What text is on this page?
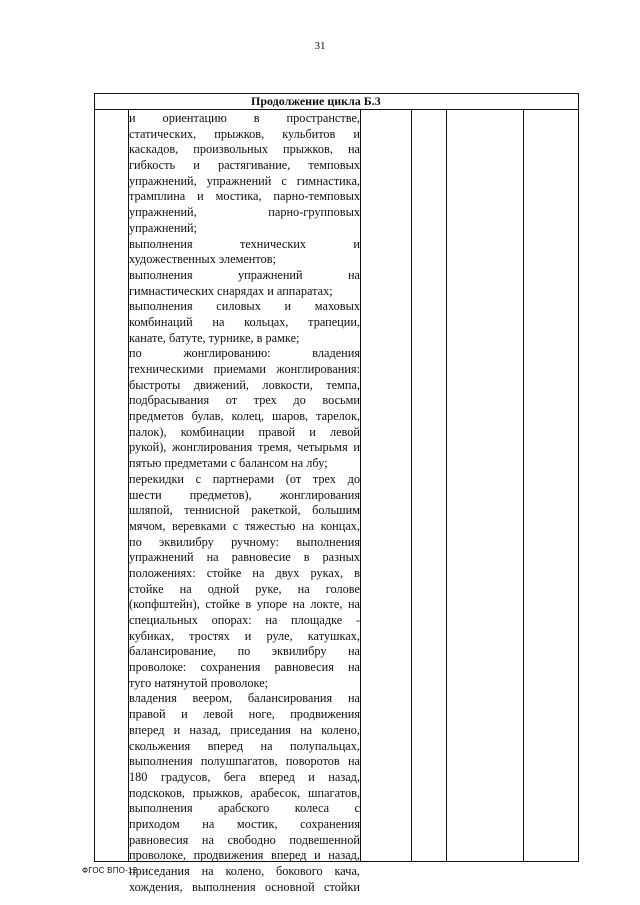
31
Продолжение цикла Б.3
и ориентацию в пространстве,
статических, прыжков, кульбитов и
каскадов, произвольных прыжков, на
гибкость и растягивание, темповых
упражнений, упражнений с гимнастика,
трамплина и мостика, парно-темповых
упражнений, парно-групповых
упражнений;
выполнения технических и
художественных элементов;
выполнения упражнений на
гимнастических снарядах и аппаратах;
выполнения силовых и маховых
комбинаций на кольцах, трапеции,
канате, батуте, турнике, в рамке;
по жонглированию: владения
техническими приемами жонглирования:
быстроты движений, ловкости, темпа,
подбрасывания от трех до восьми
предметов булав, колец, шаров, тарелок,
палок), комбинации правой и левой
рукой), жонглирования тремя, четырьмя и
пятью предметами с балансом на лбу;
перекидки с партнерами (от трех до
шести предметов), жонглирования
шляпой, теннисной ракеткой, большим
мячом, веревками с тяжестью на концах,
по эквилибру ручному: выполнения
упражнений на равновесие в разных
положениях: стойке на двух руках, в
стойке на одной руке, на голове
(копфштейн), стойке в упоре на локте, на
специальных опорах: на площадке -
кубиках, тростях и руле, катушках,
балансирование, по эквилибру на
проволоке: сохранения равновесия на
туго натянутой проволоке;
владения веером, балансирования на
правой и левой ноге, продвижения
вперед и назад, приседания на колено,
скольжения вперед на полупальцах,
выполнения полушпагатов, поворотов на
180 градусов, бега вперед и назад,
подскоков, прыжков, арабесок, шпагатов,
выполнения арабского колеса с
приходом на мостик, сохранения
равновесия на свободно подвешенной
проволоке, продвижения вперед и назад,
приседания на колено, бокового кача,
хождения, выполнения основной стойки
ФГОС ВПО-12
